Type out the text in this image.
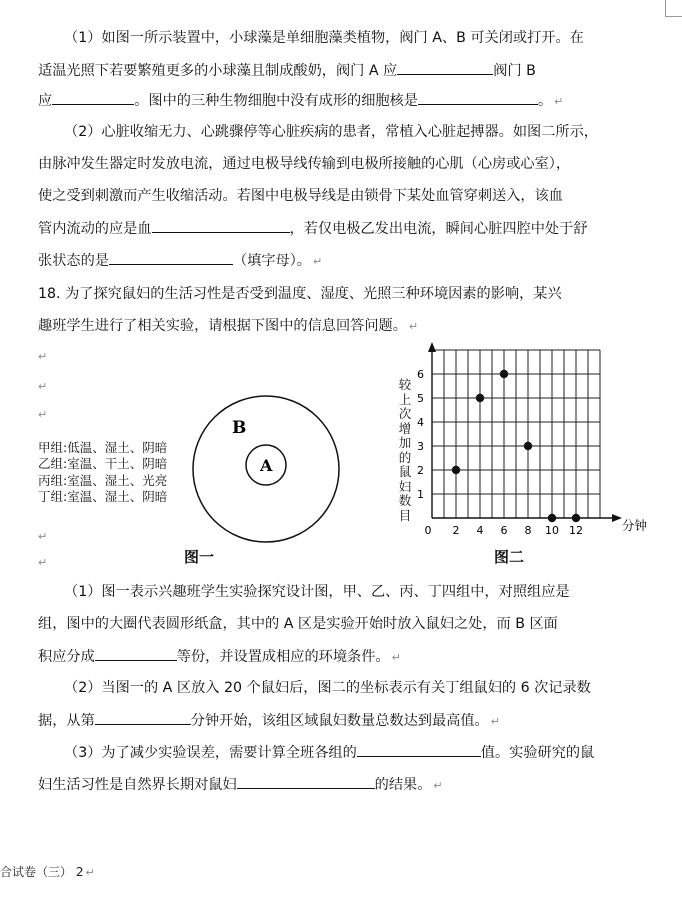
（1）如图一所示装置中，小球藻是单细胞藻类植物，阀门 A、B 可关闭或打开。在
适温光照下若要繁殖更多的小球藻且制成酸奶，阀门 A 应	阀门 B
应	。图中的三种生物细胞中没有成形的细胞核是	。 ↵
（2）心脏收缩无力、心跳骤停等心脏疾病的患者，常植入心脏起搏器。如图二所示，
由脉冲发生器定时发放电流，通过电极导线传输到电极所接触的心肌（心房或心室），
使之受到刺激而产生收缩活动。若图中电极导线是由锁骨下某处血管穿刺送入，该血
管内流动的应是血	，若仅电极乙发出电流，瞬间心脏四腔中处于舒
张状态的是	（填字母）。 ↵
18. 为了探究鼠妇的生活习性是否受到温度、湿度、光照三种环境因素的影响，某兴
趣班学生进行了相关实验，请根据下图中的信息回答问题。 ↵
↵
↵
↵
↵
↵
甲组:低温、湿土、阴暗
乙组:室温、干土、阴暗
丙组:室温、湿土、光亮
丁组:室温、湿土、阴暗
B
A
图一
较上次增加的鼠妇数目
1
2
3
4
5
6
2 4 6 8 10 12
0	分钟
图二
（1）图一表示兴趣班学生实验探究设计图，甲、乙、丙、丁四组中，对照组应是
组，图中的大圈代表圆形纸盒，其中的 A 区是实验开始时放入鼠妇之处，而 B 区面
积应分成	等份，并设置成相应的环境条件。 ↵
（2）当图一的 A 区放入 20 个鼠妇后，图二的坐标表示有关丁组鼠妇的 6 次记录数
据，从第	分钟开始，该组区域鼠妇数量总数达到最高值。 ↵
（3）为了减少实验误差，需要计算全班各组的	值。实验研究的鼠
妇生活习性是自然界长期对鼠妇	的结果。 ↵
合试卷（三） 2 ↵
